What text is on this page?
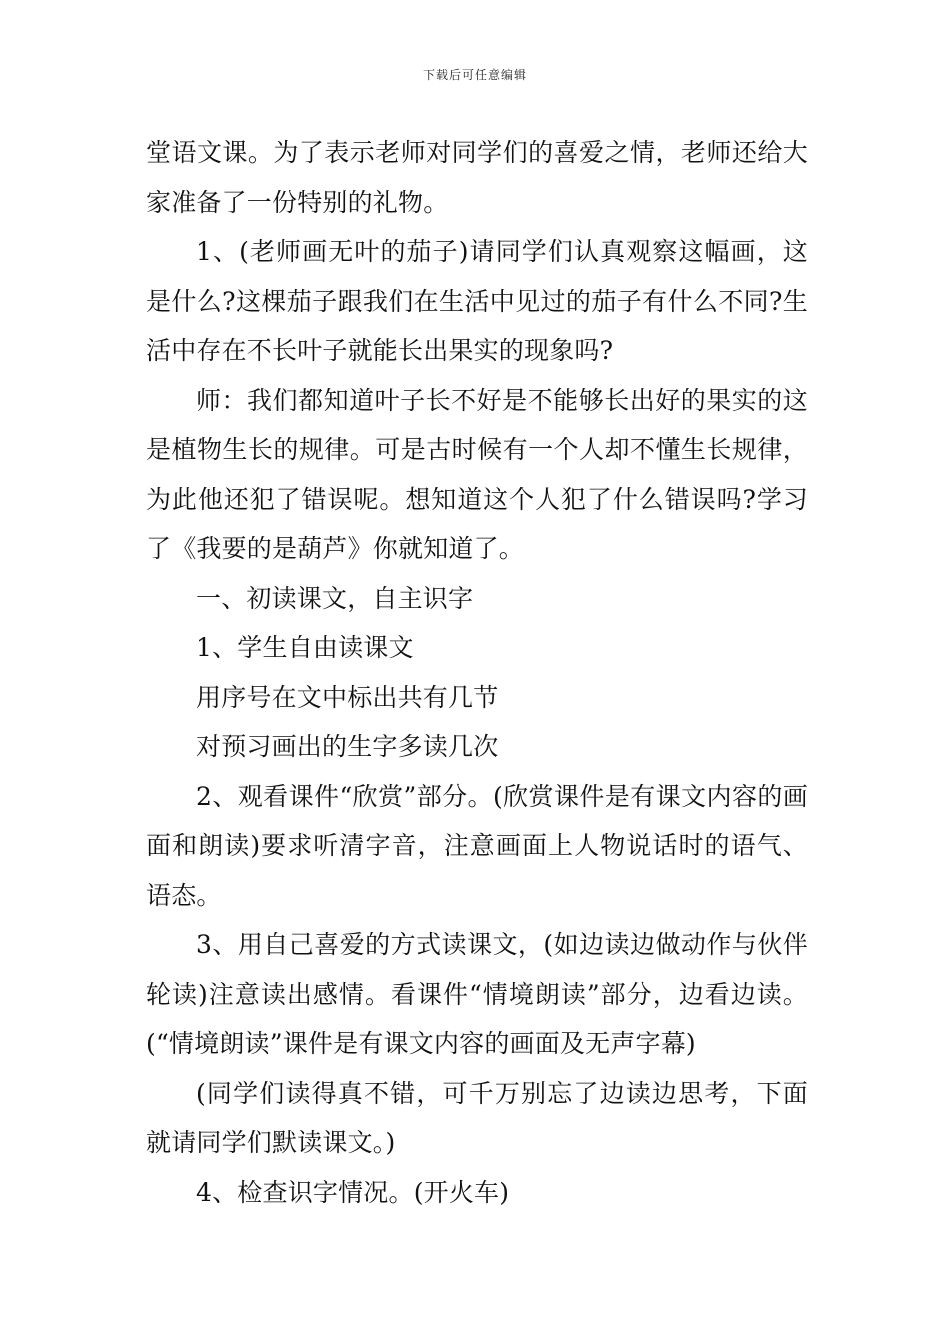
下载后可任意编辑

堂语文课。为了表示老师对同学们的喜爱之情，老师还给大家准备了一份特别的礼物。

1、(老师画无叶的茄子)请同学们认真观察这幅画，这是什么?这棵茄子跟我们在生活中见过的茄子有什么不同?生活中存在不长叶子就能长出果实的现象吗?

师：我们都知道叶子长不好是不能够长出好的果实的这是植物生长的规律。可是古时候有一个人却不懂生长规律，为此他还犯了错误呢。想知道这个人犯了什么错误吗?学习了《我要的是葫芦》你就知道了。

一、初读课文，自主识字

1、学生自由读课文

用序号在文中标出共有几节

对预习画出的生字多读几次

2、观看课件“欣赏”部分。(欣赏课件是有课文内容的画面和朗读)要求听清字音，注意画面上人物说话时的语气、语态。

3、用自己喜爱的方式读课文，(如边读边做动作与伙伴轮读)注意读出感情。看课件“情境朗读”部分，边看边读。(“情境朗读”课件是有课文内容的画面及无声字幕)

(同学们读得真不错，可千万别忘了边读边思考，下面就请同学们默读课文。)

4、检查识字情况。(开火车)
